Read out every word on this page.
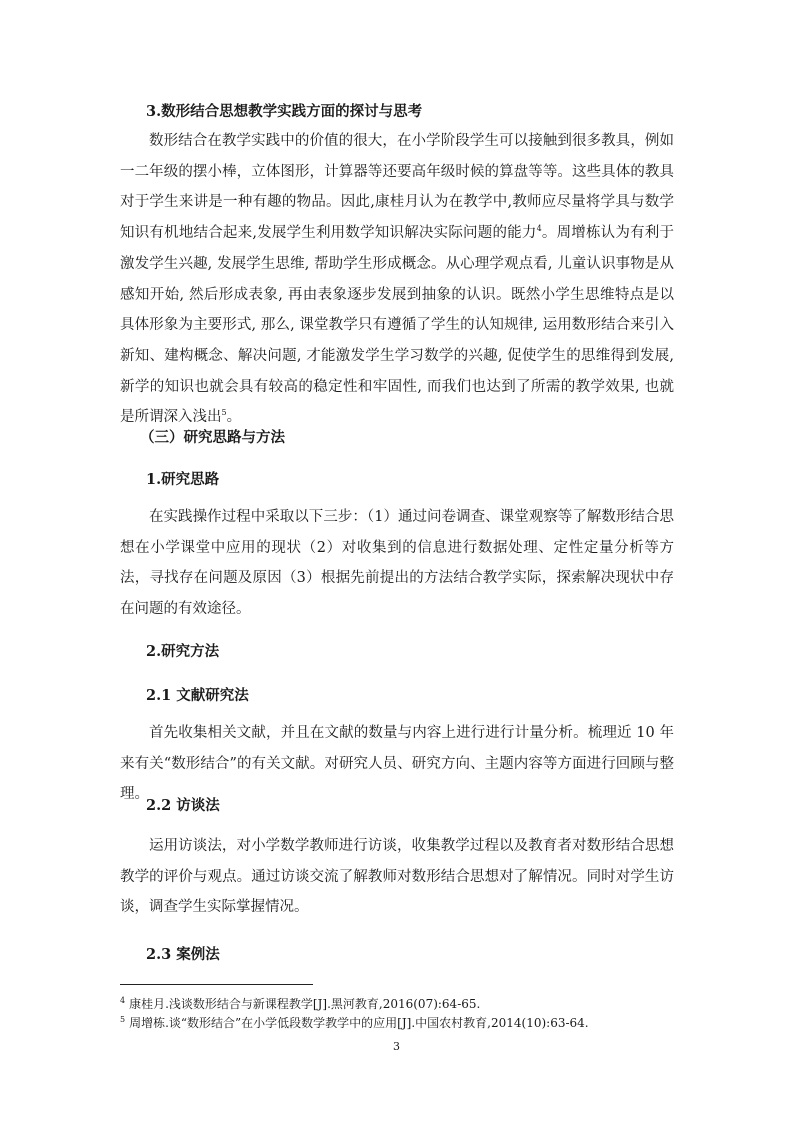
3.数形结合思想教学实践方面的探讨与思考
数形结合在教学实践中的价值的很大，在小学阶段学生可以接触到很多教具，例如一二年级的摆小棒，立体图形，计算器等还要高年级时候的算盘等等。这些具体的教具对于学生来讲是一种有趣的物品。因此,康桂月认为在教学中,教师应尽量将学具与数学知识有机地结合起来,发展学生利用数学知识解决实际问题的能力$^4$。周增栋认为有利于激发学生兴趣, 发展学生思维, 帮助学生形成概念。从心理学观点看, 儿童认识事物是从感知开始, 然后形成表象, 再由表象逐步发展到抽象的认识。既然小学生思维特点是以具体形象为主要形式, 那么, 课堂教学只有遵循了学生的认知规律, 运用数形结合来引入新知、建构概念、解决问题, 才能激发学生学习数学的兴趣, 促使学生的思维得到发展, 新学的知识也就会具有较高的稳定性和牢固性, 而我们也达到了所需的教学效果, 也就是所谓深入浅出$^5$。
（三）研究思路与方法
1.研究思路
在实践操作过程中采取以下三步：（1）通过问卷调查、课堂观察等了解数形结合思想在小学课堂中应用的现状（2）对收集到的信息进行数据处理、定性定量分析等方法，寻找存在问题及原因（3）根据先前提出的方法结合教学实际，探索解决现状中存在问题的有效途径。
2.研究方法
2.1 文献研究法
首先收集相关文献，并且在文献的数量与内容上进行进行计量分析。梳理近 10 年来有关“数形结合”的有关文献。对研究人员、研究方向、主题内容等方面进行回顾与整理。
2.2 访谈法
运用访谈法，对小学数学教师进行访谈，收集教学过程以及教育者对数形结合思想教学的评价与观点。通过访谈交流了解教师对数形结合思想对了解情况。同时对学生访谈，调查学生实际掌握情况。
2.3 案例法
$^4$ 康桂月.浅谈数形结合与新课程教学[J].黑河教育,2016(07):64-65.
$^5$ 周增栋.谈“数形结合”在小学低段数学教学中的应用[J].中国农村教育,2014(10):63-64.
3
